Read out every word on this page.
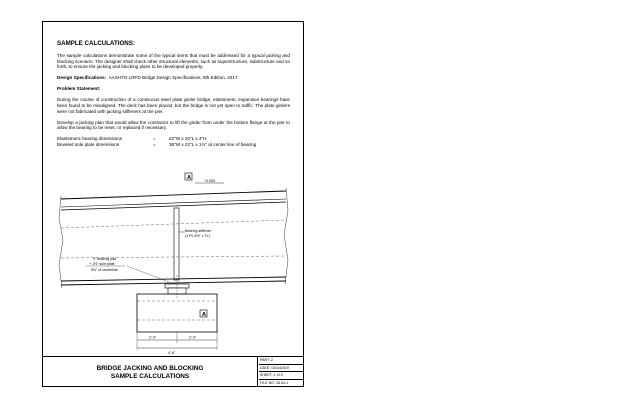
SAMPLE CALCULATIONS:
The sample calculations demonstrate some of the typical items that must be addressed for a typical jacking and blocking scenario. The designer shall check other structural elements, such as superstructure, substructure and so forth, to ensure the jacking and blocking plans to be developed properly.
Design Specifications: AASHTO LRFD Bridge Design Specifications, 8th Edition, 2017.
Problem Statement:
During the course of construction of a continuous steel plate girder bridge, elastomeric expansion bearings have been found to be misaligned. The deck has been placed, but the bridge is not yet open to traffic. The plate girders were not fabricated with jacking stiffeners at the pier.
Develop a jacking plan that would allow the contractor to lift the girder from under the bottom flange at the pier to allow the bearing to be reset, or replaced if necessary.
Elastomeric bearing dimensions	=	22"W x 20"L x 4"H
Beveled sole plate dimensions	=	36"W x 22"L x 1½" at center line of bearing
A	+3.053
Bearing stiffener
(1 PL 8½" x ⅝")
4" bearing pad
+ 1½" sole plate
5½" of centerline
A
2'-3"	2'-3"
4'-6"
BRIDGE JACKING AND BLOCKING
SAMPLE CALCULATIONS
PART: 2
DATE: 01Oct2019
SHEET: 1 of 9
FILE NO. 26.04-1
